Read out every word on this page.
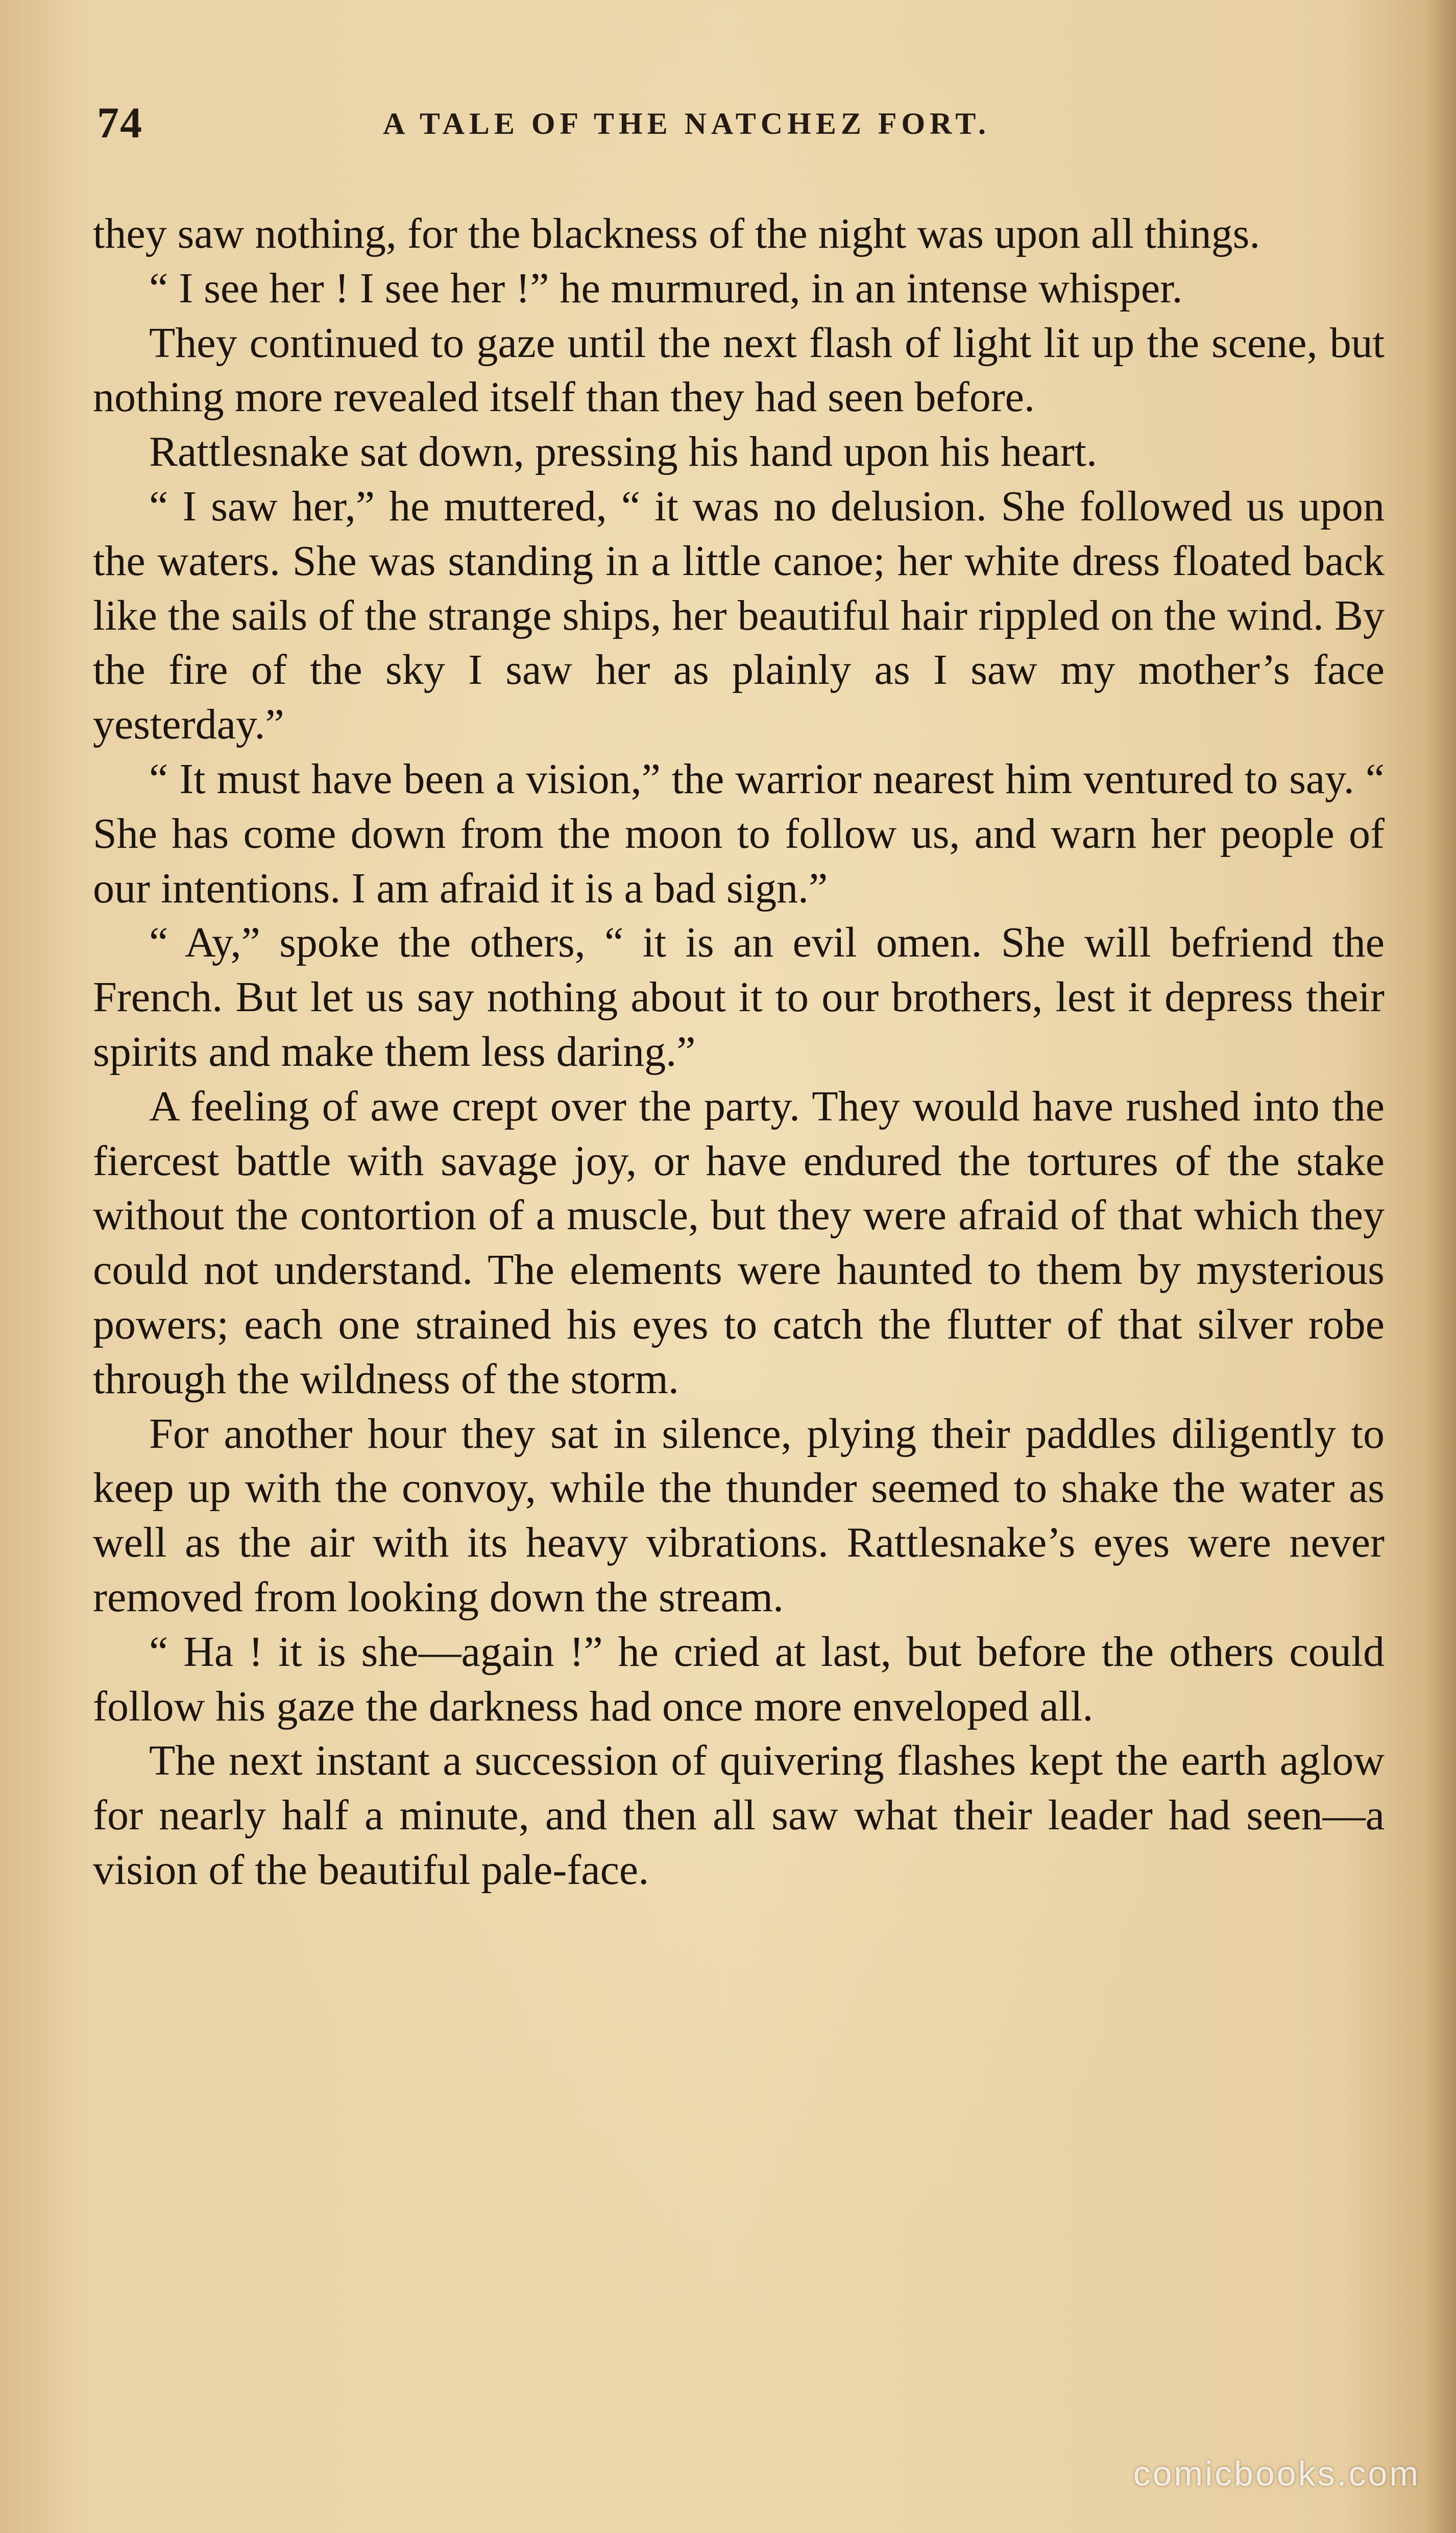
74	A TALE OF THE NATCHEZ FORT.

they saw nothing, for the blackness of the night was upon all things.

“ I see her ! I see her !” he murmured, in an intense whisper.

They continued to gaze until the next flash of light lit up the scene, but nothing more revealed itself than they had seen before.

Rattlesnake sat down, pressing his hand upon his heart.

“ I saw her,” he muttered, “ it was no delusion. She followed us upon the waters. She was standing in a little canoe; her white dress floated back like the sails of the strange ships, her beautiful hair rippled on the wind. By the fire of the sky I saw her as plainly as I saw my mother’s face yesterday.”

“ It must have been a vision,” the warrior nearest him ventured to say. “ She has come down from the moon to follow us, and warn her people of our intentions. I am afraid it is a bad sign.”

“ Ay,” spoke the others, “ it is an evil omen. She will befriend the French. But let us say nothing about it to our brothers, lest it depress their spirits and make them less daring.”

A feeling of awe crept over the party. They would have rushed into the fiercest battle with savage joy, or have endured the tortures of the stake without the contortion of a muscle, but they were afraid of that which they could not understand. The elements were haunted to them by mysterious powers; each one strained his eyes to catch the flutter of that silver robe through the wildness of the storm.

For another hour they sat in silence, plying their paddles diligently to keep up with the convoy, while the thunder seemed to shake the water as well as the air with its heavy vibrations. Rattlesnake’s eyes were never removed from looking down the stream.

“ Ha ! it is she—again !” he cried at last, but before the others could follow his gaze the darkness had once more enveloped all.

The next instant a succession of quivering flashes kept the earth aglow for nearly half a minute, and then all saw what their leader had seen—a vision of the beautiful pale-face.

comicbooks.com
